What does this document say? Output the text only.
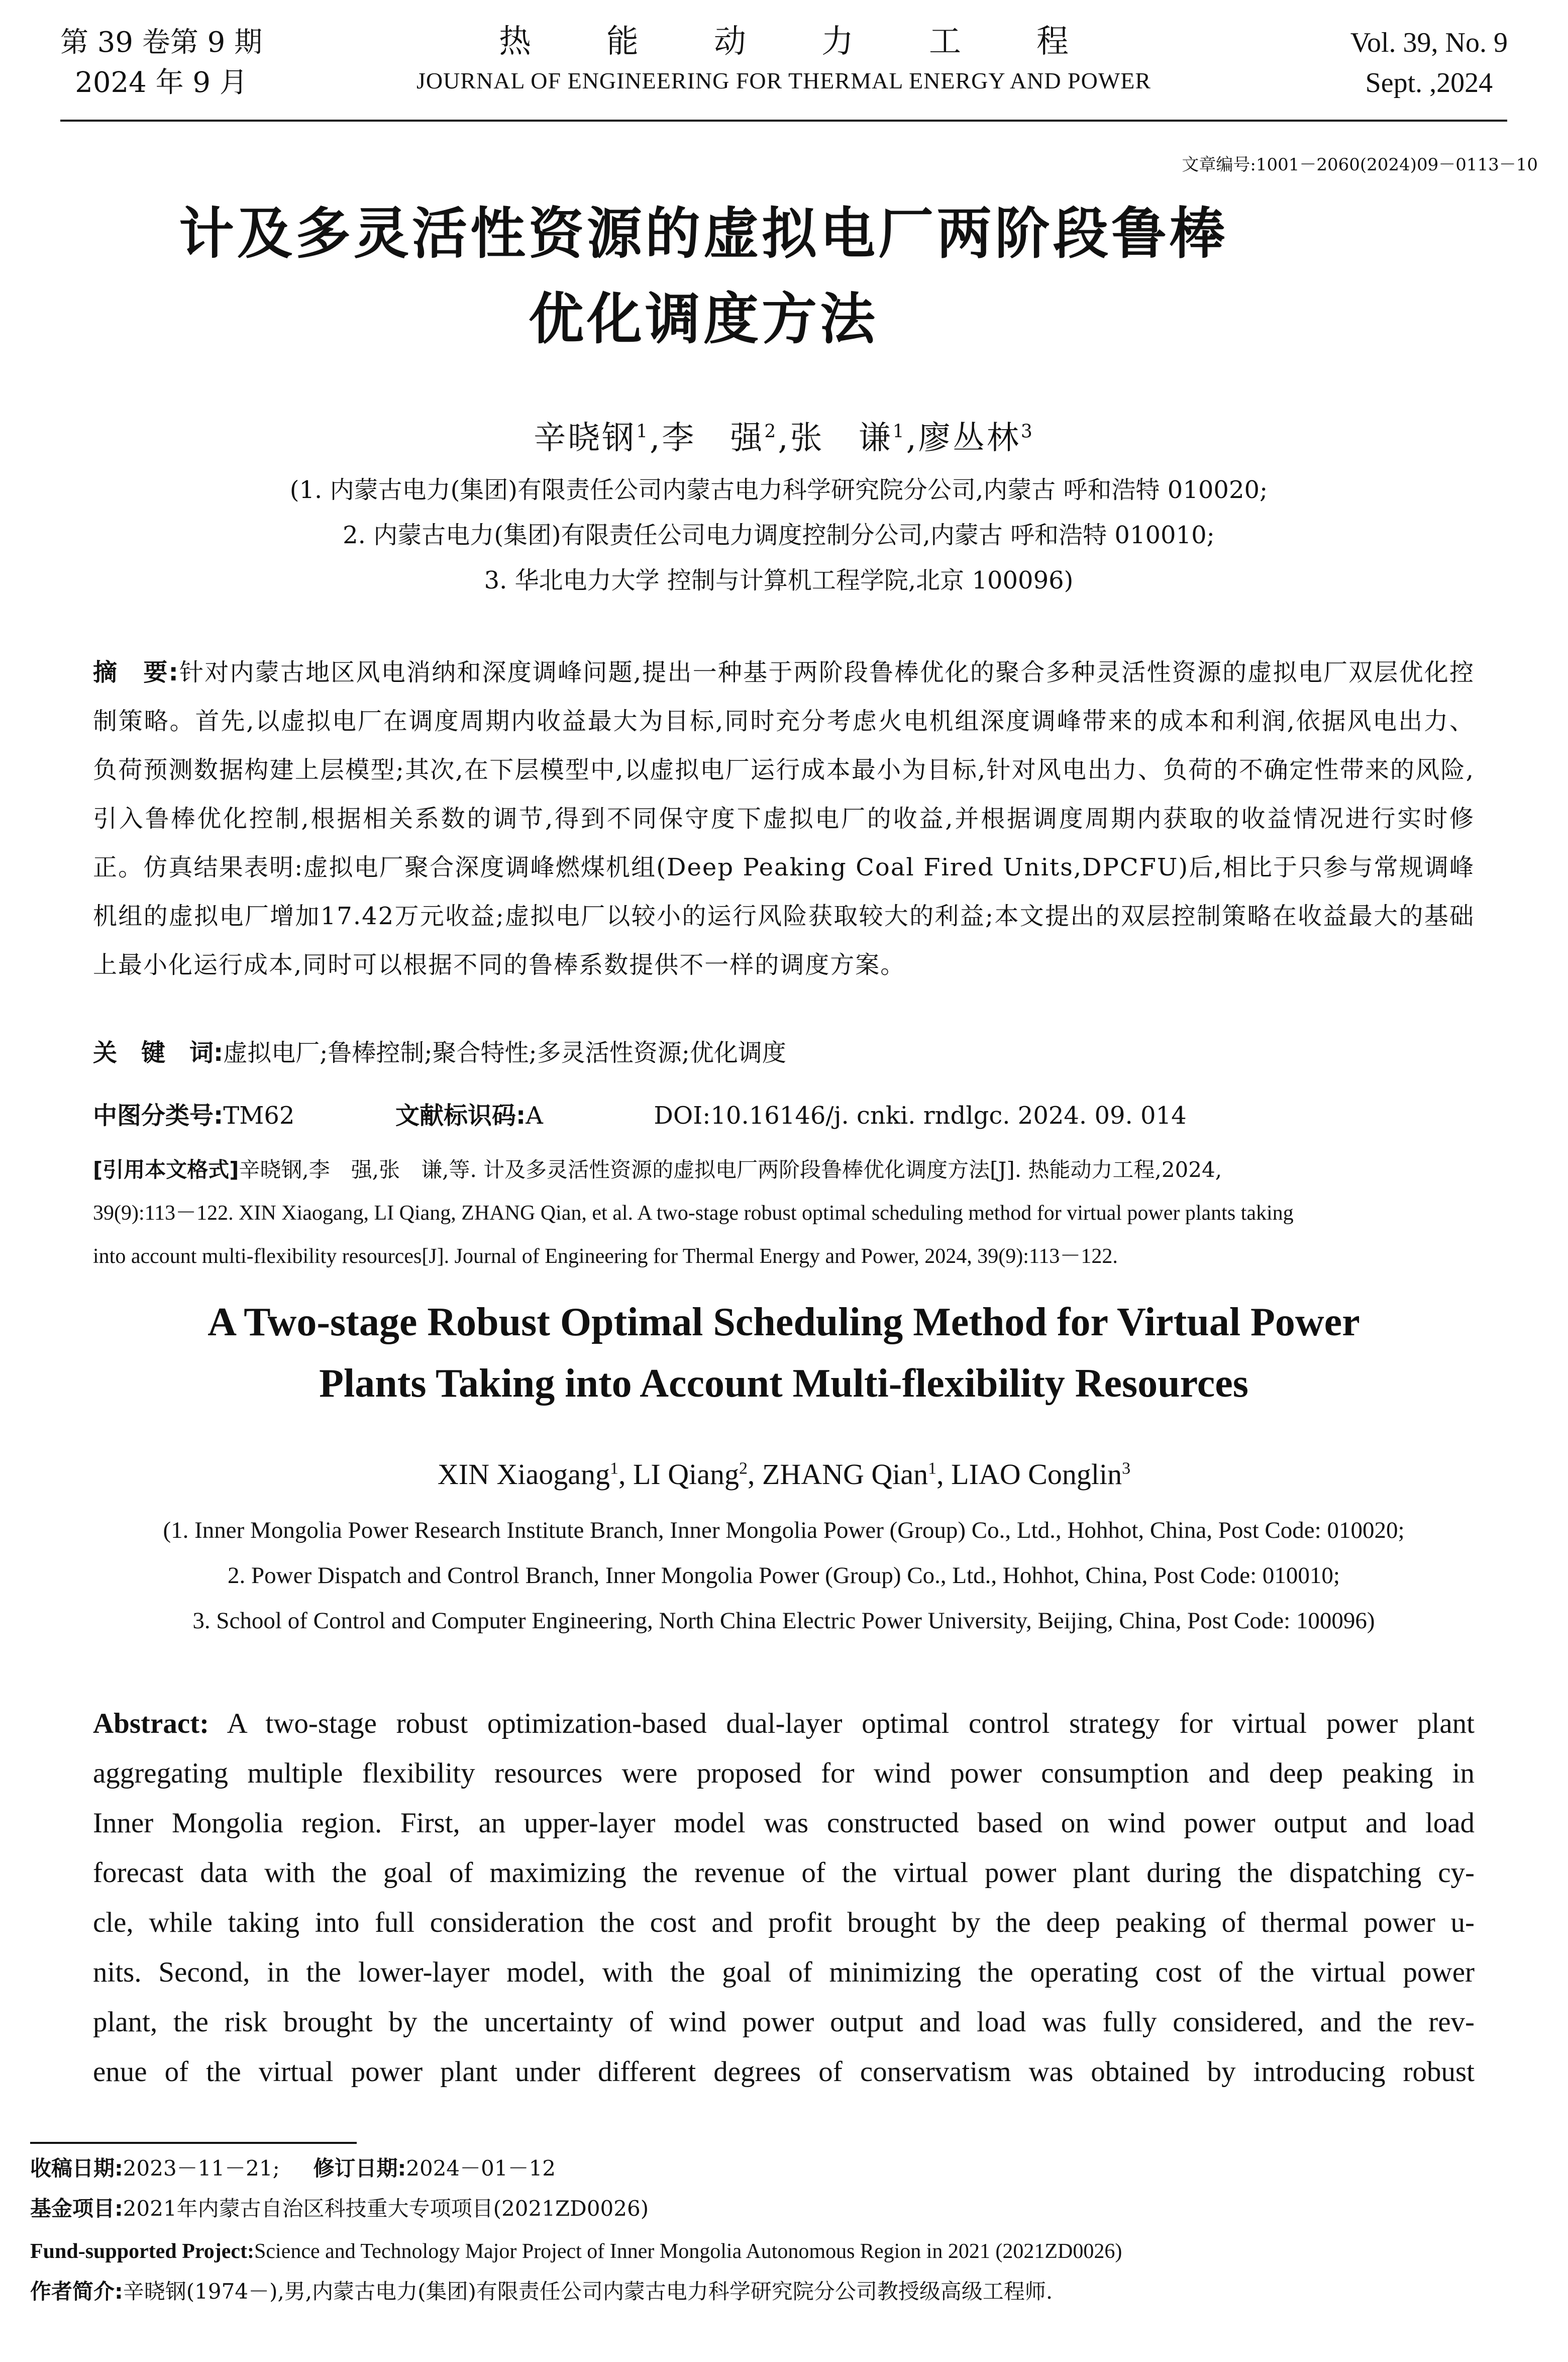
第 39 卷第 9 期
2024 年 9 月
热能动力工程
JOURNAL OF ENGINEERING FOR THERMAL ENERGY AND POWER
Vol. 39, No. 9
Sept. ,2024
文章编号:1001－2060(2024)09－0113－10
计及多灵活性资源的虚拟电厂两阶段鲁棒
优化调度方法
辛晓钢$^1$,李　强$^2$,张　谦$^1$,廖丛林$^3$
(1. 内蒙古电力(集团)有限责任公司内蒙古电力科学研究院分公司,内蒙古 呼和浩特 010020;
2. 内蒙古电力(集团)有限责任公司电力调度控制分公司,内蒙古 呼和浩特 010010;
3. 华北电力大学 控制与计算机工程学院,北京 100096)
摘　要:针对内蒙古地区风电消纳和深度调峰问题,提出一种基于两阶段鲁棒优化的聚合多种灵活性资源的虚拟电厂双层优化控制策略。首先,以虚拟电厂在调度周期内收益最大为目标,同时充分考虑火电机组深度调峰带来的成本和利润,依据风电出力、负荷预测数据构建上层模型;其次,在下层模型中,以虚拟电厂运行成本最小为目标,针对风电出力、负荷的不确定性带来的风险,引入鲁棒优化控制,根据相关系数的调节,得到不同保守度下虚拟电厂的收益,并根据调度周期内获取的收益情况进行实时修正。仿真结果表明:虚拟电厂聚合深度调峰燃煤机组(Deep Peaking Coal Fired Units,DPCFU)后,相比于只参与常规调峰机组的虚拟电厂增加17.42万元收益;虚拟电厂以较小的运行风险获取较大的利益;本文提出的双层控制策略在收益最大的基础上最小化运行成本,同时可以根据不同的鲁棒系数提供不一样的调度方案。
关　键　词:虚拟电厂;鲁棒控制;聚合特性;多灵活性资源;优化调度
中图分类号:TM62	文献标识码:A	DOI:10.16146/j. cnki. rndlgc. 2024. 09. 014
[引用本文格式]辛晓钢,李　强,张　谦,等. 计及多灵活性资源的虚拟电厂两阶段鲁棒优化调度方法[J]. 热能动力工程,2024,
39(9):113－122. XIN Xiaogang, LI Qiang, ZHANG Qian, et al. A two-stage robust optimal scheduling method for virtual power plants taking
into account multi-flexibility resources[J]. Journal of Engineering for Thermal Energy and Power, 2024, 39(9):113－122.
A Two-stage Robust Optimal Scheduling Method for Virtual Power
Plants Taking into Account Multi-flexibility Resources
XIN Xiaogang$^1$, LI Qiang$^2$, ZHANG Qian$^1$, LIAO Conglin$^3$
(1. Inner Mongolia Power Research Institute Branch, Inner Mongolia Power (Group) Co., Ltd., Hohhot, China, Post Code: 010020;
2. Power Dispatch and Control Branch, Inner Mongolia Power (Group) Co., Ltd., Hohhot, China, Post Code: 010010;
3. School of Control and Computer Engineering, North China Electric Power University, Beijing, China, Post Code: 100096)
Abstract: A two-stage robust optimization-based dual-layer optimal control strategy for virtual power plant
aggregating multiple flexibility resources were proposed for wind power consumption and deep peaking in
Inner Mongolia region. First, an upper-layer model was constructed based on wind power output and load
forecast data with the goal of maximizing the revenue of the virtual power plant during the dispatching cy-
cle, while taking into full consideration the cost and profit brought by the deep peaking of thermal power u-
nits. Second, in the lower-layer model, with the goal of minimizing the operating cost of the virtual power
plant, the risk brought by the uncertainty of wind power output and load was fully considered, and the rev-
enue of the virtual power plant under different degrees of conservatism was obtained by introducing robust
收稿日期:2023－11－21; 修订日期:2024－01－12
基金项目:2021年内蒙古自治区科技重大专项项目(2021ZD0026)
Fund-supported Project:Science and Technology Major Project of Inner Mongolia Autonomous Region in 2021 (2021ZD0026)
作者简介:辛晓钢(1974－),男,内蒙古电力(集团)有限责任公司内蒙古电力科学研究院分公司教授级高级工程师.
